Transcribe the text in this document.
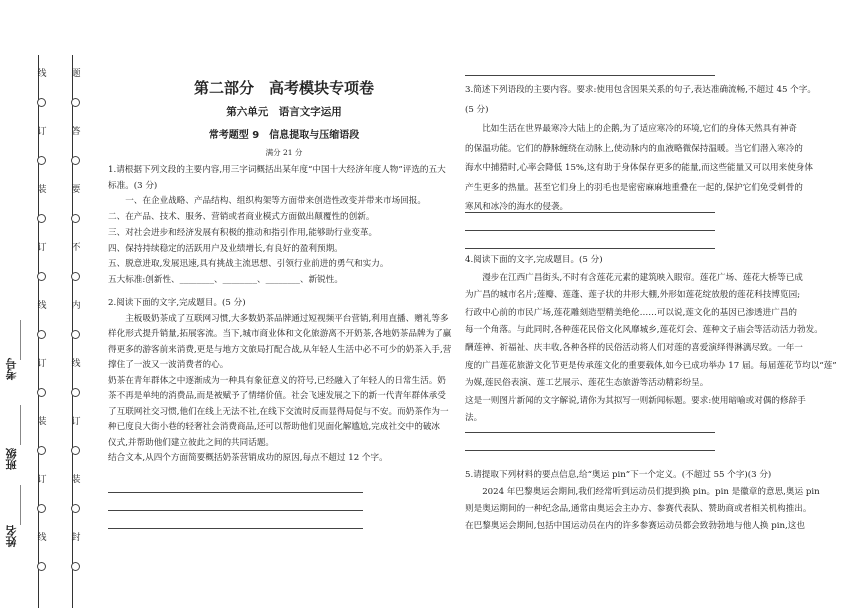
线
订
装
订
线
订
装
订
线
题
答
要
不
内
线
订
装
封
考号
班级
姓名
第二部分　高考模块专项卷
第六单元　语言文字运用
常考题型 9　信息提取与压缩语段
满分 21 分
1.请根据下列文段的主要内容,用三字词概括出某年度“中国十大经济年度人物”评选的五大
标准。(3 分)
　　一、在企业战略、产品结构、组织构架等方面带来创造性改变并带来市场回报。
二、在产品、技术、服务、营销或者商业模式方面做出颠覆性的创新。
三、对社会进步和经济发展有积极的推动和指引作用,能够助行业变革。
四、保持持续稳定的活跃用户及业绩增长,有良好的盈利预期。
五、脱意进取,发展迅速,具有挑战主流思想、引领行业前进的勇气和实力。
五大标准:创新性、________、________、________、新锐性。
2.阅读下面的文字,完成题目。(5 分)
　　主板吸奶茶成了互联网习惯,大多数奶茶品牌通过短视频平台营销,利用直播、赠礼等多
样化形式提升销量,拓展客流。当下,城市商业体和文化旅游离不开奶茶,各地奶茶品牌为了赢
得更多的游客前来消费,更是与地方文旅局打配合战,从年轻人生活中必不可少的奶茶入手,营
撑住了一波又一波消费者的心。
奶茶在青年群体之中逐渐成为一种具有象征意义的符号,已经融入了年轻人的日常生活。奶
茶不再是单纯的消费品,而是被赋予了情绪价值。社会飞速发展之下的新一代青年群体承受
了互联网社交习惯,他们在线上无法不社,在线下交流时反而显得局促与不安。而奶茶作为一
种已度良大街小巷的轻奢社会消费商品,还可以帮助他们见面化解尴尬,完成社交中的破冰
仪式,并帮助他们建立彼此之间的共同话题。
结合文本,从四个方面简要概括奶茶营销成功的原因,每点不超过 12 个字。
3.简述下列语段的主要内容。要求:使用包含因果关系的句子,表达准确流畅,不超过 45 个字。
(5 分)
　　比如生活在世界最寒冷大陆上的企鹅,为了适应寒冷的环境,它们的身体天然具有神奇
的保温功能。它们的静脉缠绕在动脉上,使动脉内的血液略微保持温暖。当它们潜入寒冷的
海水中捕猎时,心率会降低 15%,这有助于身体保存更多的能量,而这些能量又可以用来使身体
产生更多的热量。甚至它们身上的羽毛也是密密麻麻地重叠在一起的,保护它们免受刺骨的
寒风和冰冷的海水的侵袭。
4.阅读下面的文字,完成题目。(5 分)
　　漫步在江西广昌街头,不时有含莲花元素的建筑映入眼帘。莲花广场、莲花大桥等已成
为广昌的城市名片;莲瓣、莲蓬、莲子状的井形大棚,外形如莲花绽放般的莲花科技博览园;
行政中心前的市民广场,莲花雕刻造型精美绝伦……可以说,莲文化的基因已渗透进广昌的
每一个角落。与此同时,各种莲花民俗文化风靡城乡,莲花灯会、莲种文子庙会等活动活力勃发。
酬莲神、祈福祉、庆丰收,各种各样的民俗活动将人们对莲的喜爱演绎得淋漓尽致。一年一
度的广昌莲花旅游文化节更是传承莲文化的重要载体,如今已成功举办 17 届。每届莲花节均以“莲”
为媒,莲民俗表演、莲工艺展示、莲花生态旅游等活动精彩纷呈。
这是一则图片新闻的文字解说,请你为其拟写一则新闻标题。要求:使用暗喻或对偶的修辞手
法。
5.请提取下列材料的要点信息,给“奥运 pin”下一个定义。(不超过 55 个字)(3 分)
　　2024 年巴黎奥运会期间,我们经常听到运动员们提到换 pin。pin 是徽章的意思,奥运 pin
则是奥运期间的一种纪念品,通常由奥运会主办方、参赛代表队、赞助商或者相关机构推出。
在巴黎奥运会期间,包括中国运动员在内的许多参赛运动员都会致勃勃地与他人换 pin,这也
